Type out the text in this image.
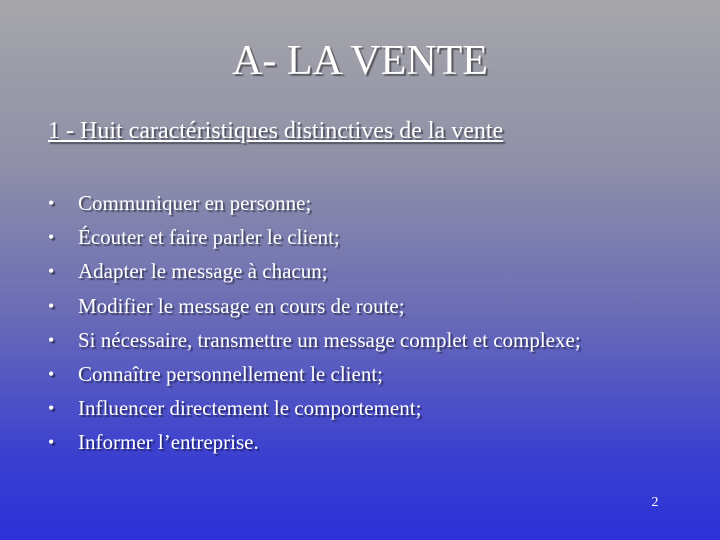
A- LA VENTE
1 - Huit caractéristiques distinctives de la vente
•	Communiquer en personne;
•	Écouter et faire parler le client;
•	Adapter le message à chacun;
•	Modifier le message en cours de route;
•	Si nécessaire, transmettre un message complet et complexe;
•	Connaître personnellement le client;
•	Influencer directement le comportement;
•	Informer l’entreprise.
2
